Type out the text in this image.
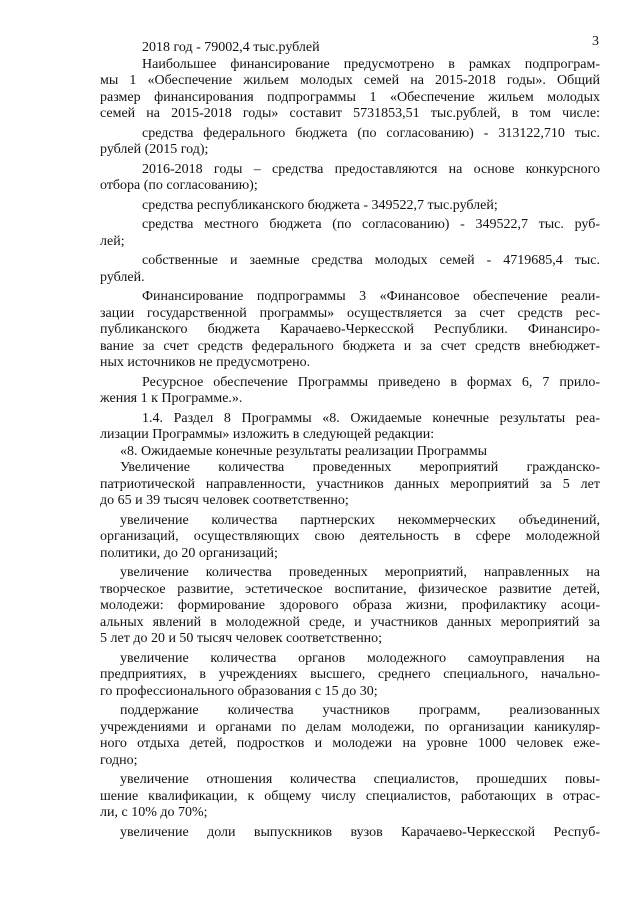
3
2018 год - 79002,4 тыс.рублей
Наибольшее финансирование предусмотрено в рамках подпрограм-
мы 1 «Обеспечение жильем молодых семей на 2015-2018 годы». Общий
размер финансирования подпрограммы 1 «Обеспечение жильем молодых
семей на 2015-2018 годы» составит 5731853,51 тыс.рублей, в том числе:
средства федерального бюджета (по согласованию) - 313122,710 тыс.
рублей (2015 год);
2016-2018 годы – средства предоставляются на основе конкурсного
отбора (по согласованию);
средства республиканского бюджета - 349522,7 тыс.рублей;
средства местного бюджета (по согласованию) - 349522,7 тыс. руб-
лей;
собственные и заемные средства молодых семей - 4719685,4 тыс.
рублей.
Финансирование подпрограммы 3 «Финансовое обеспечение реали-
зации государственной программы» осуществляется за счет средств рес-
публиканского бюджета Карачаево-Черкесской Республики. Финансиро-
вание за счет средств федерального бюджета и за счет средств внебюджет-
ных источников не предусмотрено.
Ресурсное обеспечение Программы приведено в формах 6, 7 прило-
жения 1 к Программе.».
1.4. Раздел 8 Программы «8. Ожидаемые конечные результаты реа-
лизации Программы» изложить в следующей редакции:
«8. Ожидаемые конечные результаты реализации Программы
Увеличение количества проведенных мероприятий гражданско-
патриотической направленности, участников данных мероприятий за 5 лет
до 65 и 39 тысяч человек соответственно;
увеличение количества партнерских некоммерческих объединений,
организаций, осуществляющих свою деятельность в сфере молодежной
политики, до 20 организаций;
увеличение количества проведенных мероприятий, направленных на
творческое развитие, эстетическое воспитание, физическое развитие детей,
молодежи: формирование здорового образа жизни, профилактику асоци-
альных явлений в молодежной среде, и участников данных мероприятий за
5 лет до 20 и 50 тысяч человек соответственно;
увеличение количества органов молодежного самоуправления на
предприятиях, в учреждениях высшего, среднего специального, начально-
го профессионального образования с 15 до 30;
поддержание количества участников программ, реализованных
учреждениями и органами по делам молодежи, по организации каникуляр-
ного отдыха детей, подростков и молодежи на уровне 1000 человек еже-
годно;
увеличение отношения количества специалистов, прошедших повы-
шение квалификации, к общему числу специалистов, работающих в отрас-
ли, с 10% до 70%;
увеличение доли выпускников вузов Карачаево-Черкесской Респуб-
